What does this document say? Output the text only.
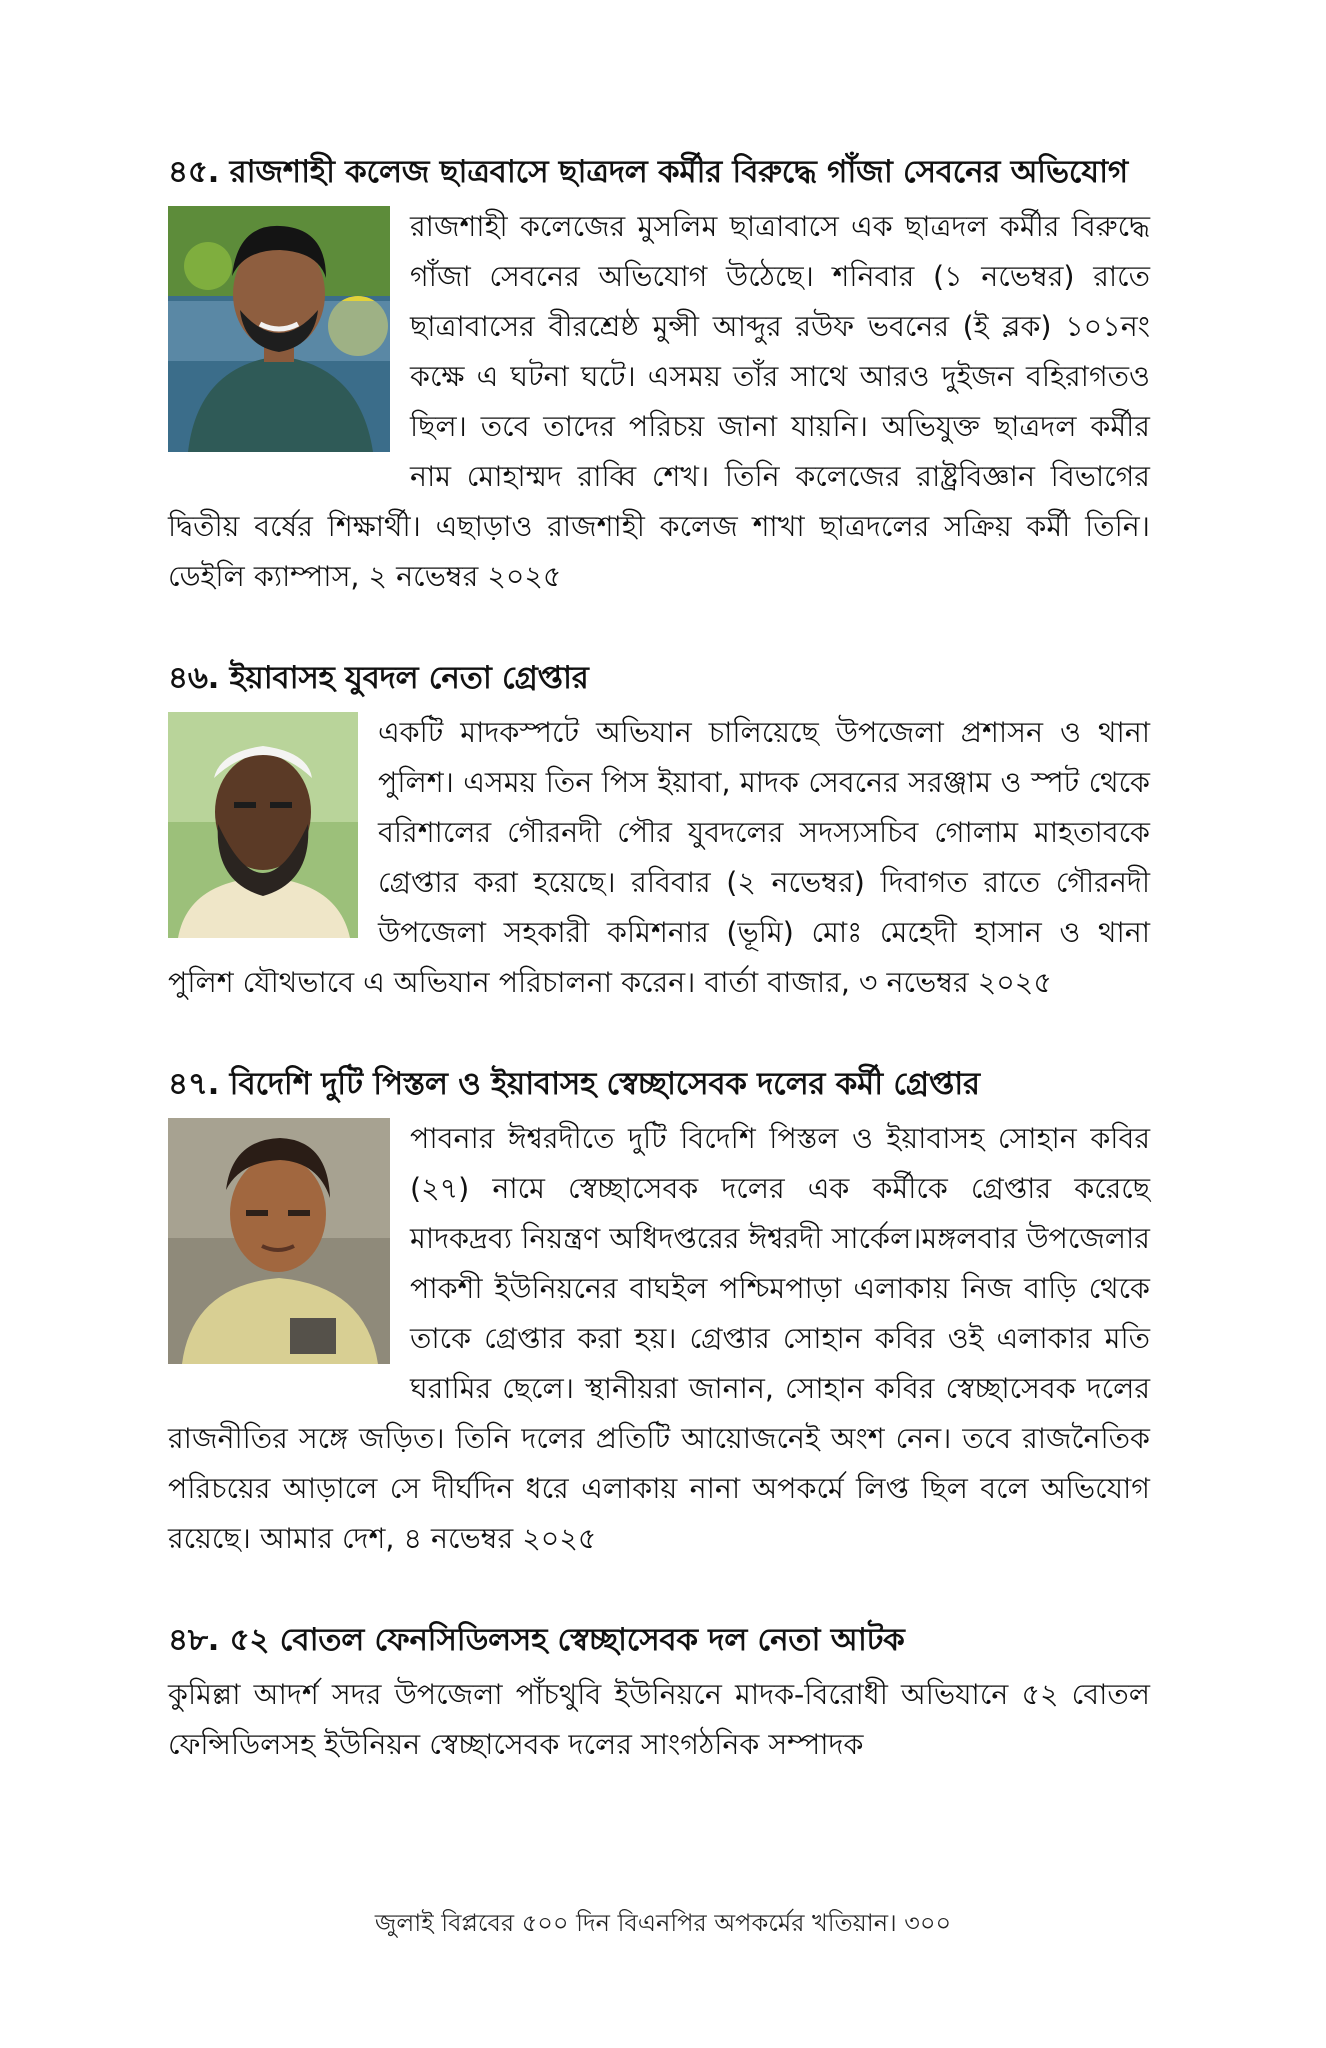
৪৫. রাজশাহী কলেজ ছাত্রবাসে ছাত্রদল কর্মীর বিরুদ্ধে গাঁজা সেবনের অভিযোগ

রাজশাহী কলেজের মুসলিম ছাত্রাবাসে এক ছাত্রদল কর্মীর বিরুদ্ধে গাঁজা সেবনের অভিযোগ উঠেছে। শনিবার (১ নভেম্বর) রাতে ছাত্রাবাসের বীরশ্রেষ্ঠ মুন্সী আব্দুর রউফ ভবনের (ই ব্লক) ১০১নং কক্ষে এ ঘটনা ঘটে। এসময় তাঁর সাথে আরও দুইজন বহিরাগতও ছিল। তবে তাদের পরিচয় জানা যায়নি। অভিযুক্ত ছাত্রদল কর্মীর নাম মোহাম্মদ রাব্বি শেখ। তিনি কলেজের রাষ্ট্রবিজ্ঞান বিভাগের দ্বিতীয় বর্ষের শিক্ষার্থী। এছাড়াও রাজশাহী কলেজ শাখা ছাত্রদলের সক্রিয় কর্মী তিনি। ডেইলি ক্যাম্পাস, ২ নভেম্বর ২০২৫

৪৬. ইয়াবাসহ যুবদল নেতা গ্রেপ্তার

একটি মাদকস্পটে অভিযান চালিয়েছে উপজেলা প্রশাসন ও থানা পুলিশ। এসময় তিন পিস ইয়াবা, মাদক সেবনের সরঞ্জাম ও স্পট থেকে বরিশালের গৌরনদী পৌর যুবদলের সদস্যসচিব গোলাম মাহতাবকে গ্রেপ্তার করা হয়েছে। রবিবার (২ নভেম্বর) দিবাগত রাতে গৌরনদী উপজেলা সহকারী কমিশনার (ভূমি) মোঃ মেহেদী হাসান ও থানা পুলিশ যৌথভাবে এ অভিযান পরিচালনা করেন। বার্তা বাজার, ৩ নভেম্বর ২০২৫

৪৭. বিদেশি দুটি পিস্তল ও ইয়াবাসহ স্বেচ্ছাসেবক দলের কর্মী গ্রেপ্তার

পাবনার ঈশ্বরদীতে দুটি বিদেশি পিস্তল ও ইয়াবাসহ সোহান কবির (২৭) নামে স্বেচ্ছাসেবক দলের এক কর্মীকে গ্রেপ্তার করেছে মাদকদ্রব্য নিয়ন্ত্রণ অধিদপ্তরের ঈশ্বরদী সার্কেল।মঙ্গলবার উপজেলার পাকশী ইউনিয়নের বাঘইল পশ্চিমপাড়া এলাকায় নিজ বাড়ি থেকে তাকে গ্রেপ্তার করা হয়। গ্রেপ্তার সোহান কবির ওই এলাকার মতি ঘরামির ছেলে। স্থানীয়রা জানান, সোহান কবির স্বেচ্ছাসেবক দলের রাজনীতির সঙ্গে জড়িত। তিনি দলের প্রতিটি আয়োজনেই অংশ নেন। তবে রাজনৈতিক পরিচয়ের আড়ালে সে দীর্ঘদিন ধরে এলাকায় নানা অপকর্মে লিপ্ত ছিল বলে অভিযোগ রয়েছে। আমার দেশ, ৪ নভেম্বর ২০২৫

৪৮. ৫২ বোতল ফেনসিডিলসহ স্বেচ্ছাসেবক দল নেতা আটক

কুমিল্লা আদর্শ সদর উপজেলা পাঁচথুবি ইউনিয়নে মাদক-বিরোধী অভিযানে ৫২ বোতল ফেন্সিডিলসহ ইউনিয়ন স্বেচ্ছাসেবক দলের সাংগঠনিক সম্পাদক

জুলাই বিপ্লবের ৫০০ দিন বিএনপির অপকর্মের খতিয়ান। ৩০০
